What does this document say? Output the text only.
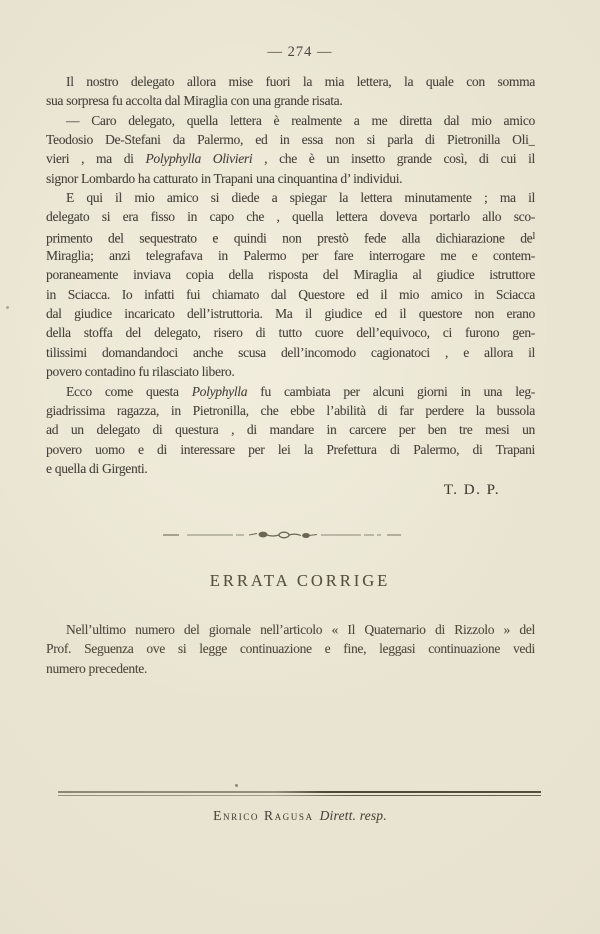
— 274 —
Il nostro delegato allora mise fuori la mia lettera, la quale con somma
sua sorpresa fu accolta dal Miraglia con una grande risata.
— Caro delegato, quella lettera è realmente a me diretta dal mio amico
Teodosio De-Stefani da Palermo, ed in essa non si parla di Pietronilla Oli_
vieri , ma di Polyphylla Olivieri , che è un insetto grande così, di cui il
signor Lombardo ha catturato in Trapani una cinquantina d’ individui.
E qui il mio amico si diede a spiegar la lettera minutamente ; ma il
delegato si era fisso in capo che , quella lettera doveva portarlo allo sco-
primento del sequestrato e quindi non prestò fede alla dichiarazione $de^l$
Miraglia; anzi telegrafava in Palermo per fare interrogare me e contem-
poraneamente inviava copia della risposta del Miraglia al giudice istruttore
in Sciacca. Io infatti fui chiamato dal Questore ed il mio amico in Sciacca
dal giudice incaricato dell’istruttoria. Ma il giudice ed il questore non erano
della stoffa del delegato, risero di tutto cuore dell’equivoco, ci furono gen-
tilissimi domandandoci anche scusa dell’incomodo cagionatoci , e allora il
povero contadino fu rilasciato libero.
Ecco come questa Polyphylla fu cambiata per alcuni giorni in una leg-
giadrissima ragazza, in Pietronilla, che ebbe l’abilità di far perdere la bussola
ad un delegato di questura , di mandare in carcere per ben tre mesi un
povero uomo e di interessare per lei la Prefettura di Palermo, di Trapani
e quella di Girgenti.
T. D. P.
ERRATA CORRIGE
Nell’ultimo numero del giornale nell’articolo « Il Quaternario di Rizzolo » del
Prof. Seguenza ove si legge continuazione e fine, leggasi continuazione vedi
numero precedente.
Enrico Ragusa Dirett. resp.
